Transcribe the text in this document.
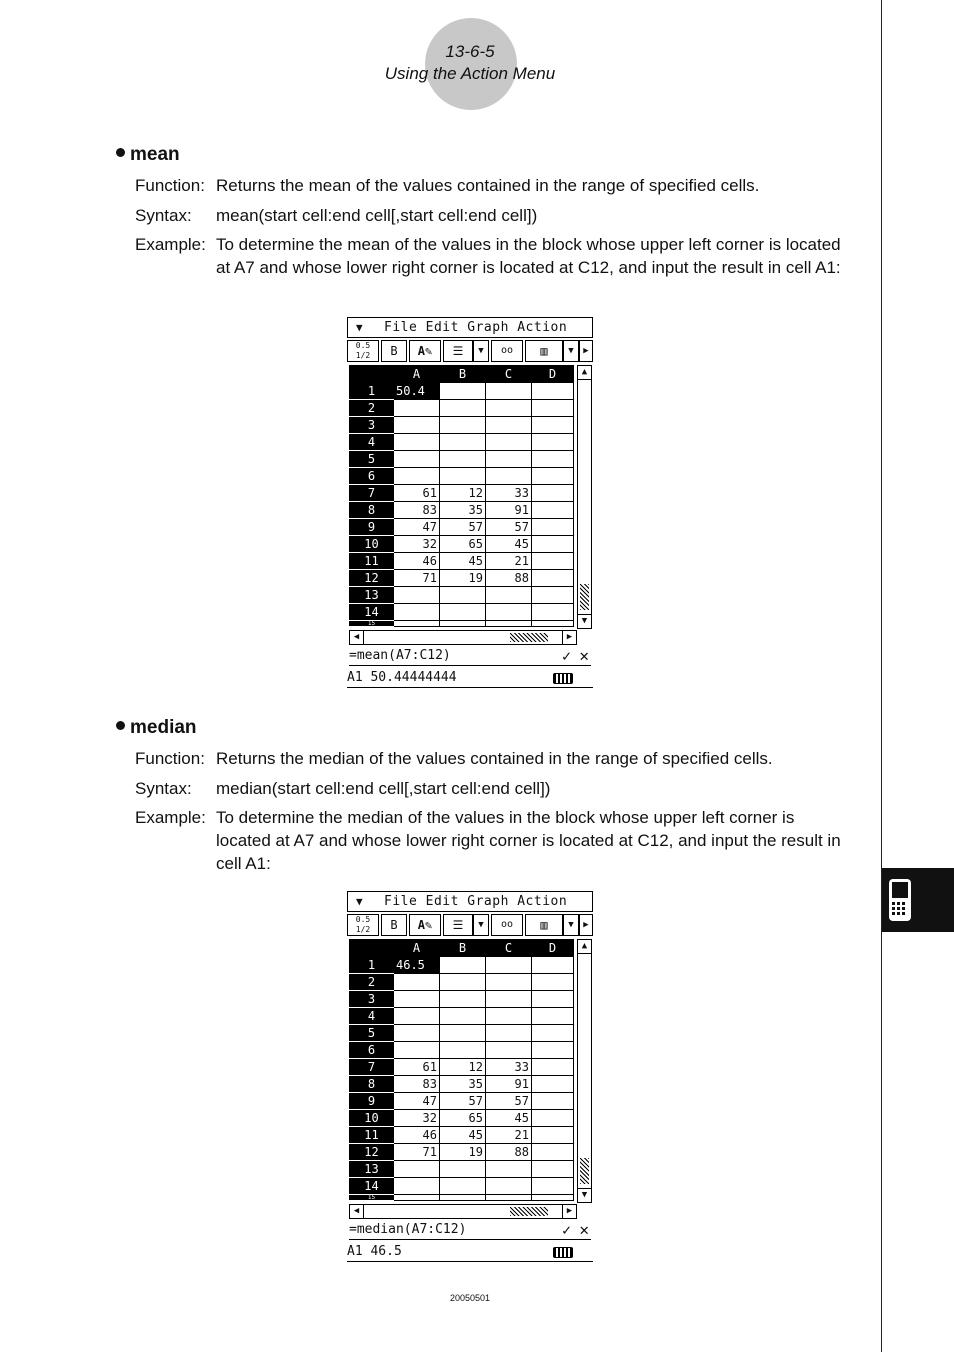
13-6-5
Using the Action Menu
mean
Function: Returns the mean of the values contained in the range of specified cells.
Syntax: mean(start cell:end cell[,start cell:end cell])
Example: To determine the mean of the values in the block whose upper left corner is located at A7 and whose lower right corner is located at C12, and input the result in cell A1:
▼ File Edit Graph Action
0.5 1/2	B	A✎	☰	▼	oo	▥	▼	▶
	A	B	C	D
1	50.4			
2				
3				
4				
5				
6				
7	61	12	33	
8	83	35	91	
9	47	57	57	
10	32	65	45	
11	46	45	21	
12	71	19	88	
13				
14				
15				
▲
▼
◀	▶
=mean(A7:C12)	✓ ✕
A1 50.44444444
median
Function: Returns the median of the values contained in the range of specified cells.
Syntax: median(start cell:end cell[,start cell:end cell])
Example: To determine the median of the values in the block whose upper left corner is located at A7 and whose lower right corner is located at C12, and input the result in cell A1:
▼ File Edit Graph Action
0.5 1/2	B	A✎	☰	▼	oo	▥	▼	▶
	A	B	C	D
1	46.5			
2				
3				
4				
5				
6				
7	61	12	33	
8	83	35	91	
9	47	57	57	
10	32	65	45	
11	46	45	21	
12	71	19	88	
13				
14				
15				
▲
▼
◀	▶
=median(A7:C12)	✓ ✕
A1 46.5
20050501
